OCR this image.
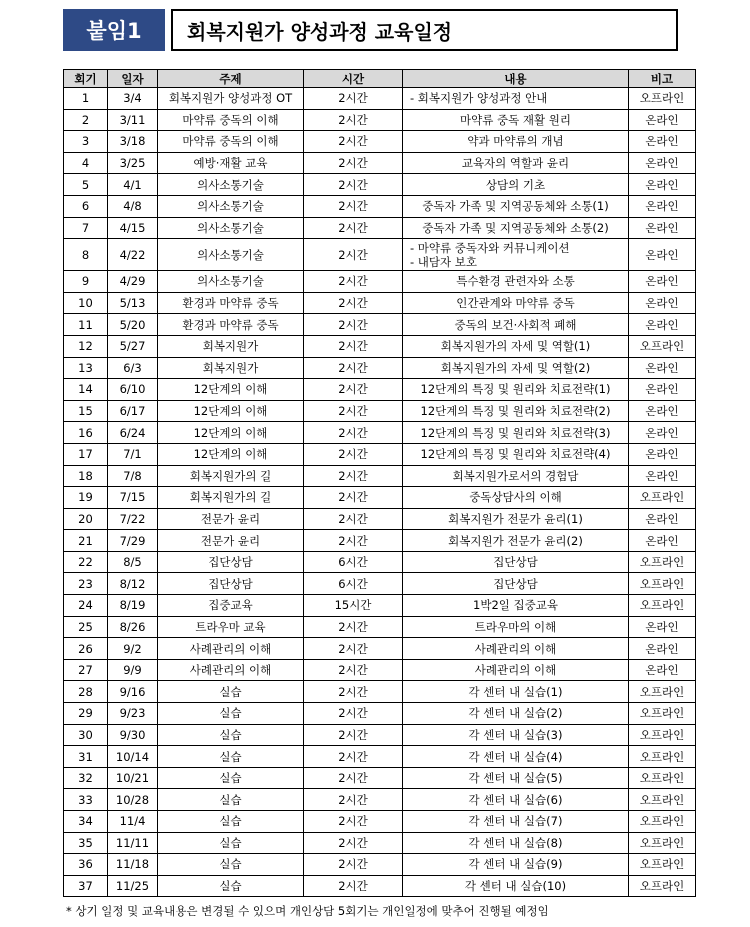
붙임1	회복지원가 양성과정 교육일정
회기	일자	주제	시간	내용	비고
1	3/4	회복지원가 양성과정 OT	2시간	- 회복지원가 양성과정 안내	오프라인
2	3/11	마약류 중독의 이해	2시간	마약류 중독 재활 원리	온라인
3	3/18	마약류 중독의 이해	2시간	약과 마약류의 개념	온라인
4	3/25	예방·재활 교육	2시간	교육자의 역할과 윤리	온라인
5	4/1	의사소통기술	2시간	상담의 기초	온라인
6	4/8	의사소통기술	2시간	중독자 가족 및 지역공동체와 소통(1)	온라인
7	4/15	의사소통기술	2시간	중독자 가족 및 지역공동체와 소통(2)	온라인
8	4/22	의사소통기술	2시간	- 마약류 중독자와 커뮤니케이션
- 내담자 보호	온라인
9	4/29	의사소통기술	2시간	특수환경 관련자와 소통	온라인
10	5/13	환경과 마약류 중독	2시간	인간관계와 마약류 중독	온라인
11	5/20	환경과 마약류 중독	2시간	중독의 보건·사회적 폐해	온라인
12	5/27	회복지원가	2시간	회복지원가의 자세 및 역할(1)	오프라인
13	6/3	회복지원가	2시간	회복지원가의 자세 및 역할(2)	온라인
14	6/10	12단계의 이해	2시간	12단계의 특징 및 원리와 치료전략(1)	온라인
15	6/17	12단계의 이해	2시간	12단계의 특징 및 원리와 치료전략(2)	온라인
16	6/24	12단계의 이해	2시간	12단계의 특징 및 원리와 치료전략(3)	온라인
17	7/1	12단계의 이해	2시간	12단계의 특징 및 원리와 치료전략(4)	온라인
18	7/8	회복지원가의 길	2시간	회복지원가로서의 경험담	온라인
19	7/15	회복지원가의 길	2시간	중독상담사의 이해	오프라인
20	7/22	전문가 윤리	2시간	회복지원가 전문가 윤리(1)	온라인
21	7/29	전문가 윤리	2시간	회복지원가 전문가 윤리(2)	온라인
22	8/5	집단상담	6시간	집단상담	오프라인
23	8/12	집단상담	6시간	집단상담	오프라인
24	8/19	집중교육	15시간	1박2일 집중교육	오프라인
25	8/26	트라우마 교육	2시간	트라우마의 이해	온라인
26	9/2	사례관리의 이해	2시간	사례관리의 이해	온라인
27	9/9	사례관리의 이해	2시간	사례관리의 이해	온라인
28	9/16	실습	2시간	각 센터 내 실습(1)	오프라인
29	9/23	실습	2시간	각 센터 내 실습(2)	오프라인
30	9/30	실습	2시간	각 센터 내 실습(3)	오프라인
31	10/14	실습	2시간	각 센터 내 실습(4)	오프라인
32	10/21	실습	2시간	각 센터 내 실습(5)	오프라인
33	10/28	실습	2시간	각 센터 내 실습(6)	오프라인
34	11/4	실습	2시간	각 센터 내 실습(7)	오프라인
35	11/11	실습	2시간	각 센터 내 실습(8)	오프라인
36	11/18	실습	2시간	각 센터 내 실습(9)	오프라인
37	11/25	실습	2시간	각 센터 내 실습(10)	오프라인
* 상기 일정 및 교육내용은 변경될 수 있으며 개인상담 5회기는 개인일정에 맞추어 진행될 예정임
